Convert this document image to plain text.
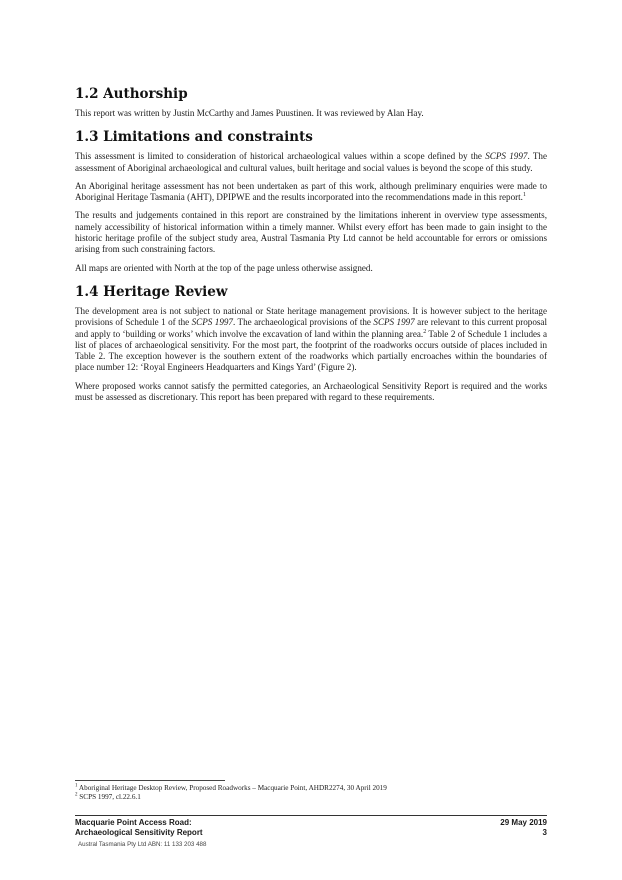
1.2 Authorship

This report was written by Justin McCarthy and James Puustinen. It was reviewed by Alan Hay.

1.3 Limitations and constraints

This assessment is limited to consideration of historical archaeological values within a scope defined by the SCPS 1997. The assessment of Aboriginal archaeological and cultural values, built heritage and social values is beyond the scope of this study.

An Aboriginal heritage assessment has not been undertaken as part of this work, although preliminary enquiries were made to Aboriginal Heritage Tasmania (AHT), DPIPWE and the results incorporated into the recommendations made in this report.$^1$

The results and judgements contained in this report are constrained by the limitations inherent in overview type assessments, namely accessibility of historical information within a timely manner. Whilst every effort has been made to gain insight to the historic heritage profile of the subject study area, Austral Tasmania Pty Ltd cannot be held accountable for errors or omissions arising from such constraining factors.

All maps are oriented with North at the top of the page unless otherwise assigned.

1.4 Heritage Review

The development area is not subject to national or State heritage management provisions. It is however subject to the heritage provisions of Schedule 1 of the SCPS 1997. The archaeological provisions of the SCPS 1997 are relevant to this current proposal and apply to ‘building or works’ which involve the excavation of land within the planning area.$^2$ Table 2 of Schedule 1 includes a list of places of archaeological sensitivity. For the most part, the footprint of the roadworks occurs outside of places included in Table 2. The exception however is the southern extent of the roadworks which partially encroaches within the boundaries of place number 12: ‘Royal Engineers Headquarters and Kings Yard’ (Figure 2).

Where proposed works cannot satisfy the permitted categories, an Archaeological Sensitivity Report is required and the works must be assessed as discretionary. This report has been prepared with regard to these requirements.

$^1$ Aboriginal Heritage Desktop Review, Proposed Roadworks – Macquarie Point, AHDR2274, 30 April 2019
$^2$ SCPS 1997, cl.22.6.1
Macquarie Point Access Road:	29 May 2019
Archaeological Sensitivity Report	3
Austral Tasmania Pty Ltd ABN: 11 133 203 488
